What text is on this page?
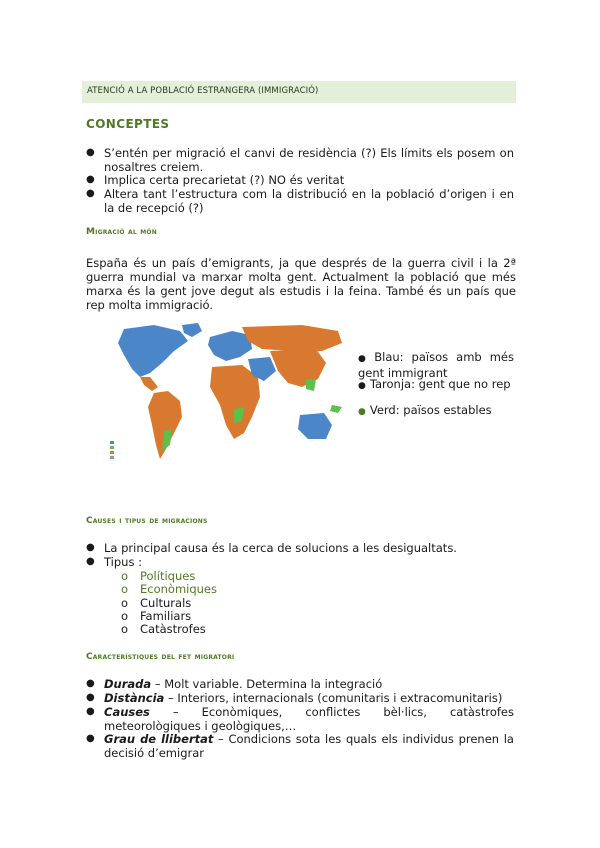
ATENCIÓ A LA POBLACIÓ ESTRANGERA (IMMIGRACIÓ)
CONCEPTES
● S’entén per migració el canvi de residència (?) Els límits els posem on nosaltres creiem.
● Implica certa precarietat (?) NO és veritat
● Altera tant l’estructura com la distribució en la població d’origen i en la de recepció (?)
Migració al món
España és un país d’emigrants, ja que després de la guerra civil i la 2ª guerra mundial va marxar molta gent. Actualment la població que més marxa és la gent jove degut als estudis i la feina. També és un país que rep molta immigració.
● Blau: països amb més gent immigrant
● Taronja: gent que no rep
● Verd: països estables
Causes i tipus de migracions
● La principal causa és la cerca de solucions a les desigualtats.
● Tipus :
o Polítiques
o Econòmiques
o Culturals
o Familiars
o Catàstrofes
Característiques del fet migratori
● Durada – Molt variable. Determina la integració
● Distància – Interiors, internacionals (comunitaris i extracomunitaris)
● Causes – Econòmiques, conflictes bèl·lics, catàstrofes meteorològiques i geològiques,…
● Grau de llibertat – Condicions sota les quals els individus prenen la decisió d’emigrar
